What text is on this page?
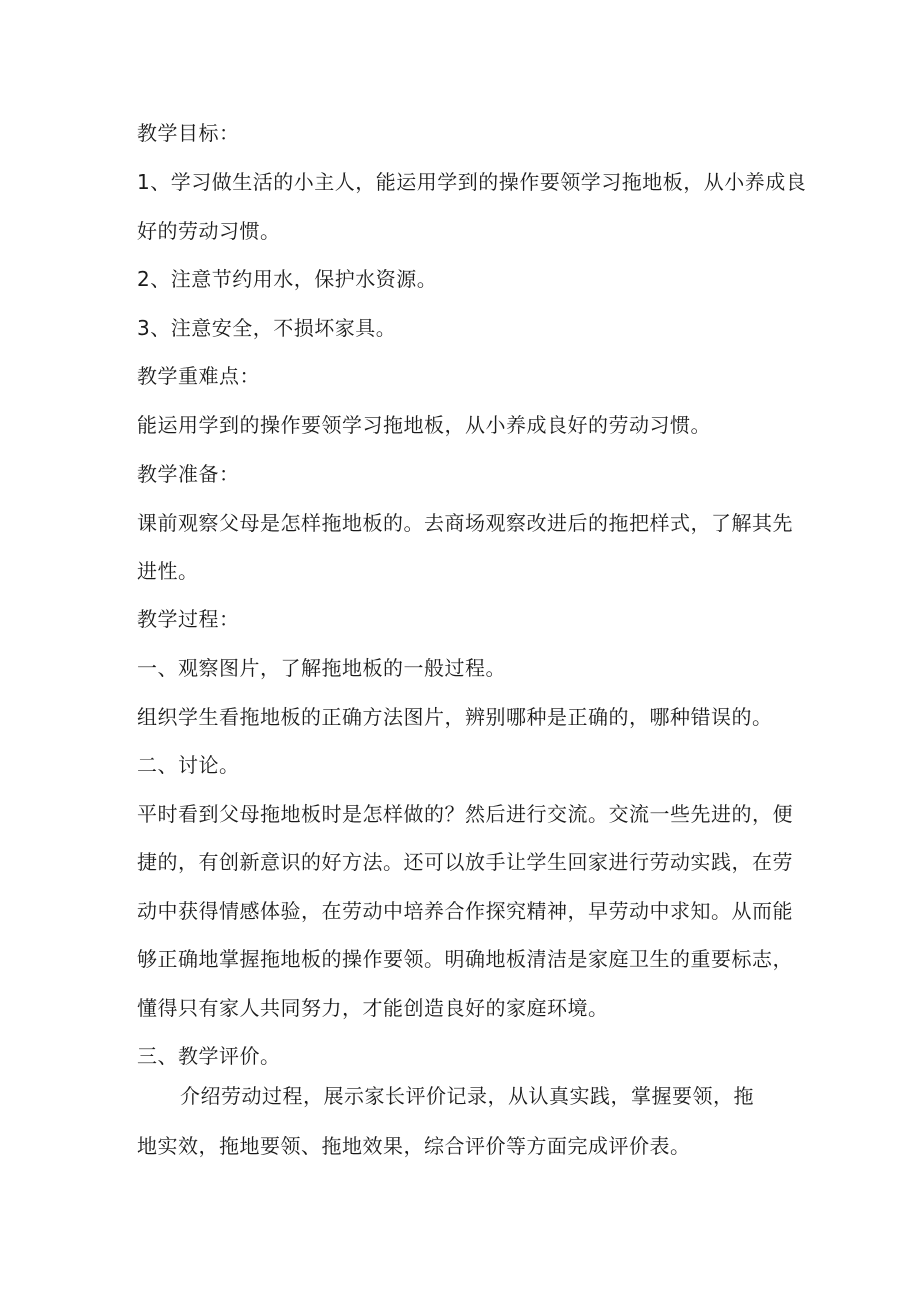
教学目标：
1、学习做生活的小主人，能运用学到的操作要领学习拖地板，从小养成良
好的劳动习惯。
2、注意节约用水，保护水资源。
3、注意安全，不损坏家具。
教学重难点：
能运用学到的操作要领学习拖地板，从小养成良好的劳动习惯。
教学准备：
课前观察父母是怎样拖地板的。去商场观察改进后的拖把样式，了解其先
进性。
教学过程：
一、观察图片，了解拖地板的一般过程。
组织学生看拖地板的正确方法图片，辨别哪种是正确的，哪种错误的。
二、讨论。
平时看到父母拖地板时是怎样做的？然后进行交流。交流一些先进的，便
捷的，有创新意识的好方法。还可以放手让学生回家进行劳动实践，在劳
动中获得情感体验，在劳动中培养合作探究精神，早劳动中求知。从而能
够正确地掌握拖地板的操作要领。明确地板清洁是家庭卫生的重要标志，
懂得只有家人共同努力，才能创造良好的家庭环境。
三、教学评价。
介绍劳动过程，展示家长评价记录，从认真实践，掌握要领，拖
地实效，拖地要领、拖地效果，综合评价等方面完成评价表。
